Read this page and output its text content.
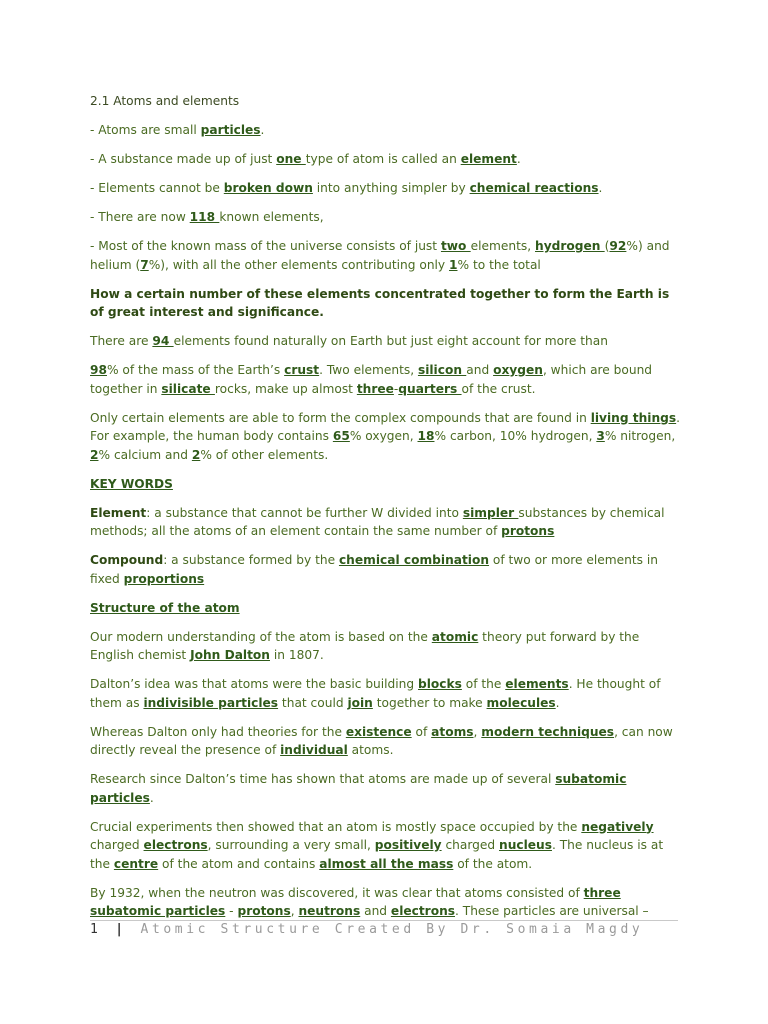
2.1 Atoms and elements

- Atoms are small particles.

- A substance made up of just one type of atom is called an element.

- Elements cannot be broken down into anything simpler by chemical reactions.

- There are now 118 known elements,

- Most of the known mass of the universe consists of just two elements, hydrogen (92%) and helium (7%), with all the other elements contributing only 1% to the total

How a certain number of these elements concentrated together to form the Earth is of great interest and significance.

There are 94 elements found naturally on Earth but just eight account for more than

98% of the mass of the Earth’s crust. Two elements, silicon and oxygen, which are bound together in silicate rocks, make up almost three-quarters of the crust.

Only certain elements are able to form the complex compounds that are found in living things. For example, the human body contains 65% oxygen, 18% carbon, 10% hydrogen, 3% nitrogen, 2% calcium and 2% of other elements.

KEY WORDS

Element: a substance that cannot be further W divided into simpler substances by chemical methods; all the atoms of an element contain the same number of protons

Compound: a substance formed by the chemical combination of two or more elements in fixed proportions

Structure of the atom

Our modern understanding of the atom is based on the atomic theory put forward by the English chemist John Dalton in 1807.

Dalton’s idea was that atoms were the basic building blocks of the elements. He thought of them as indivisible particles that could join together to make molecules.

Whereas Dalton only had theories for the existence of atoms, modern techniques, can now directly reveal the presence of individual atoms.

Research since Dalton’s time has shown that atoms are made up of several subatomic particles.

Crucial experiments then showed that an atom is mostly space occupied by the negatively charged electrons, surrounding a very small, positively charged nucleus. The nucleus is at the centre of the atom and contains almost all the mass of the atom.

By 1932, when the neutron was discovered, it was clear that atoms consisted of three subatomic particles - protons, neutrons and electrons. These particles are universal –

1 | Atomic Structure Created By Dr. Somaia Magdy
